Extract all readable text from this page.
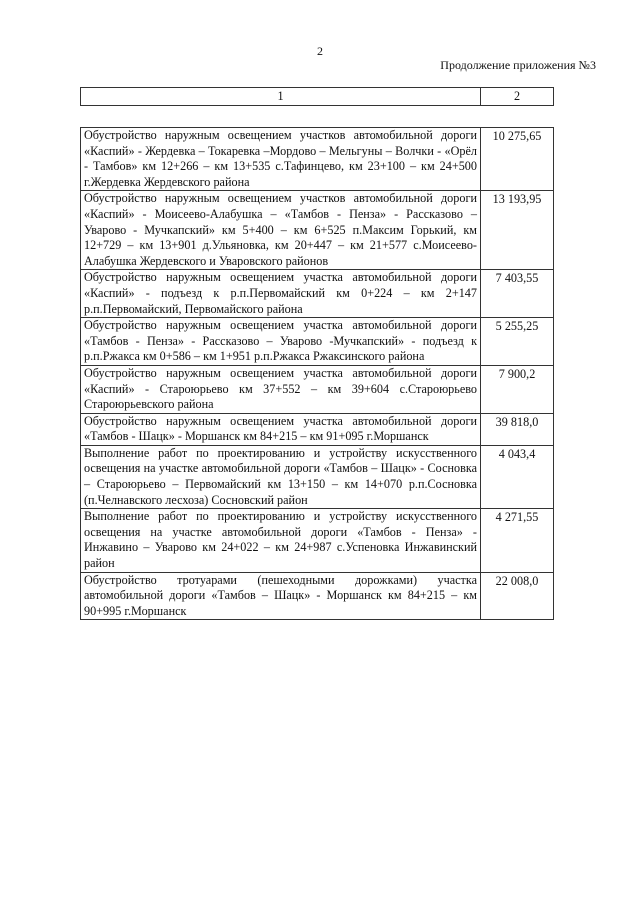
2
Продолжение приложения №3
1	2
Обустройство наружным освещением участков автомобильной дороги «Каспий» - Жердевка – Токаревка –Мордово – Мельгуны – Волчки - «Орёл - Тамбов» км 12+266 – км 13+535 с.Тафинцево, км 23+100 – км 24+500 г.Жердевка Жердевского района	10 275,65
Обустройство наружным освещением участков автомобильной дороги «Каспий» - Моисеево-Алабушка – «Тамбов - Пенза» - Рассказово – Уварово - Мучкапский» км 5+400 – км 6+525 п.Максим Горький, км 12+729 – км 13+901 д.Ульяновка, км 20+447 – км 21+577 с.Моисеево-Алабушка Жердевского и Уваровского районов	13 193,95
Обустройство наружным освещением участка автомобильной дороги «Каспий» - подъезд к р.п.Первомайский км 0+224 – км 2+147 р.п.Первомайский, Первомайского района	7 403,55
Обустройство наружным освещением участка автомобильной дороги «Тамбов - Пенза» - Рассказово – Уварово -Мучкапский» - подъезд к р.п.Ржакса км 0+586 – км 1+951 р.п.Ржакса Ржаксинского района	5 255,25
Обустройство наружным освещением участка автомобильной дороги «Каспий» - Староюрьево км 37+552 – км 39+604 с.Староюрьево Староюрьевского района	7 900,2
Обустройство наружным освещением участка автомобильной дороги «Тамбов - Шацк» - Моршанск км 84+215 – км 91+095 г.Моршанск	39 818,0
Выполнение работ по проектированию и устройству искусственного освещения на участке автомобильной дороги «Тамбов – Шацк» - Сосновка – Староюрьево – Первомайский км 13+150 – км 14+070 р.п.Сосновка (п.Челнавского лесхоза) Сосновский район	4 043,4
Выполнение работ по проектированию и устройству искусственного освещения на участке автомобильной дороги «Тамбов - Пенза» - Инжавино – Уварово км 24+022 – км 24+987 с.Успеновка Инжавинский район	4 271,55
Обустройство тротуарами (пешеходными дорожками) участка автомобильной дороги «Тамбов – Шацк» - Моршанск км 84+215 – км 90+995 г.Моршанск	22 008,0
